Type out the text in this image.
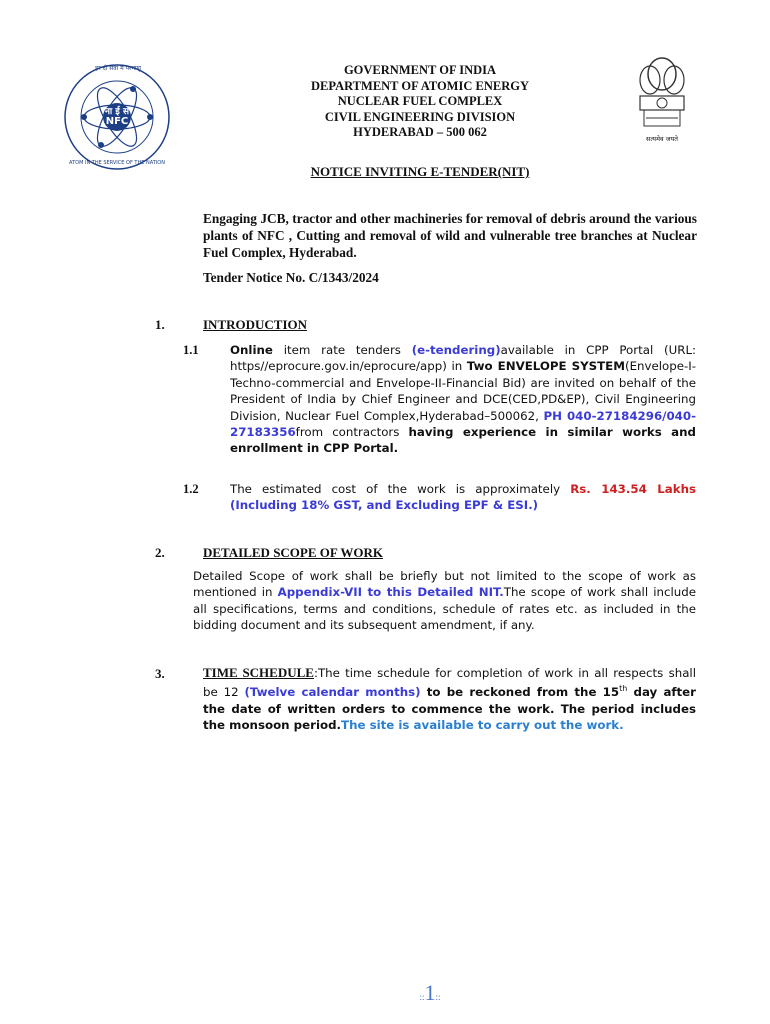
ना ई स
NFC
हर दी सेवा में परमाणु
ATOM IN THE SERVICE OF THE NATION
सत्यमेव जयते
GOVERNMENT OF INDIA
DEPARTMENT OF ATOMIC ENERGY
NUCLEAR FUEL COMPLEX
CIVIL ENGINEERING DIVISION
HYDERABAD – 500 062
NOTICE INVITING E-TENDER(NIT)
Engaging JCB, tractor and other machineries for removal of debris around the various plants of NFC , Cutting and removal of wild and vulnerable tree branches at Nuclear Fuel Complex, Hyderabad.
Tender Notice No. C/1343/2024
1.	INTRODUCTION
1.1	Online item rate tenders (e-tendering)available in CPP Portal (URL: https//eprocure.gov.in/eprocure/app) in Two ENVELOPE SYSTEM(Envelope-I- Techno-commercial and Envelope-II-Financial Bid) are invited on behalf of the President of India by Chief Engineer and DCE(CED,PD&EP), Civil Engineering Division, Nuclear Fuel Complex,Hyderabad–500062, PH 040-27184296/040-27183356from contractors having experience in similar works and enrollment in CPP Portal.
1.2	The estimated cost of the work is approximately Rs. 143.54 Lakhs (Including 18% GST, and Excluding EPF & ESI.)
2.	DETAILED SCOPE OF WORK
Detailed Scope of work shall be briefly but not limited to the scope of work as mentioned in Appendix-VII to this Detailed NIT.The scope of work shall include all specifications, terms and conditions, schedule of rates etc. as included in the bidding document and its subsequent amendment, if any.
3.	TIME SCHEDULE:The time schedule for completion of work in all respects shall be 12 (Twelve calendar months) to be reckoned from the 15th day after the date of written orders to commence the work. The period includes the monsoon period.The site is available to carry out the work.
::1::
